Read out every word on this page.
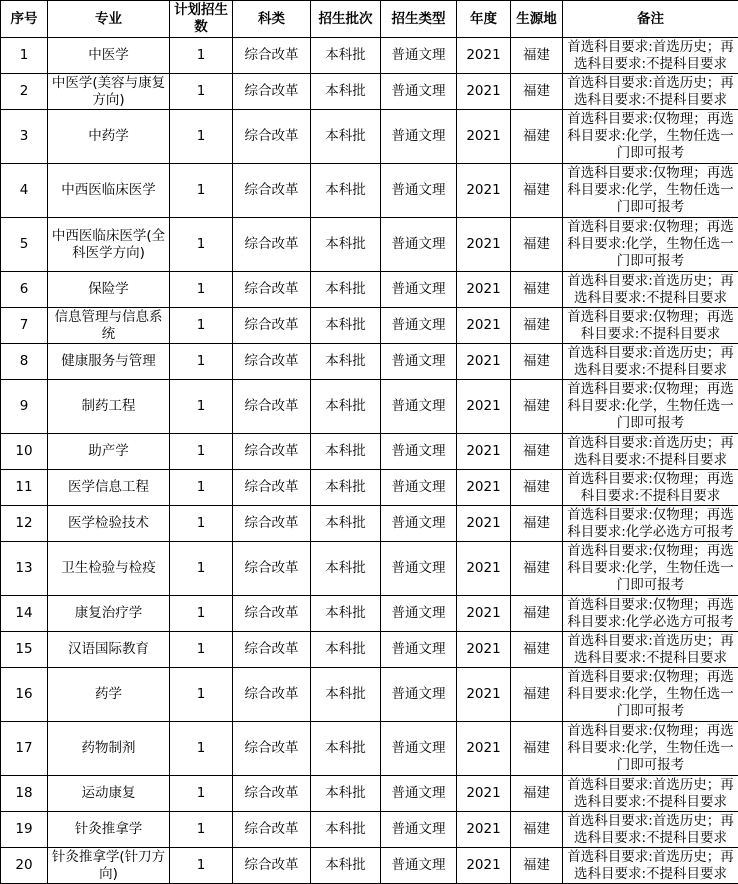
序号	专业	计划招生数	科类	招生批次	招生类型	年度	生源地	备注
1	中医学	1	综合改革	本科批	普通文理	2021	福建	首选科目要求:首选历史；再选科目要求:不提科目要求
2	中医学(美容与康复方向)	1	综合改革	本科批	普通文理	2021	福建	首选科目要求:首选历史；再选科目要求:不提科目要求
3	中药学	1	综合改革	本科批	普通文理	2021	福建	首选科目要求:仅物理；再选科目要求:化学，生物任选一门即可报考
4	中西医临床医学	1	综合改革	本科批	普通文理	2021	福建	首选科目要求:仅物理；再选科目要求:化学，生物任选一门即可报考
5	中西医临床医学(全科医学方向)	1	综合改革	本科批	普通文理	2021	福建	首选科目要求:仅物理；再选科目要求:化学，生物任选一门即可报考
6	保险学	1	综合改革	本科批	普通文理	2021	福建	首选科目要求:首选历史；再选科目要求:不提科目要求
7	信息管理与信息系统	1	综合改革	本科批	普通文理	2021	福建	首选科目要求:仅物理；再选科目要求:不提科目要求
8	健康服务与管理	1	综合改革	本科批	普通文理	2021	福建	首选科目要求:首选历史；再选科目要求:不提科目要求
9	制药工程	1	综合改革	本科批	普通文理	2021	福建	首选科目要求:仅物理；再选科目要求:化学，生物任选一门即可报考
10	助产学	1	综合改革	本科批	普通文理	2021	福建	首选科目要求:首选历史；再选科目要求:不提科目要求
11	医学信息工程	1	综合改革	本科批	普通文理	2021	福建	首选科目要求:仅物理；再选科目要求:不提科目要求
12	医学检验技术	1	综合改革	本科批	普通文理	2021	福建	首选科目要求:仅物理；再选科目要求:化学必选方可报考
13	卫生检验与检疫	1	综合改革	本科批	普通文理	2021	福建	首选科目要求:仅物理；再选科目要求:化学，生物任选一门即可报考
14	康复治疗学	1	综合改革	本科批	普通文理	2021	福建	首选科目要求:仅物理；再选科目要求:化学必选方可报考
15	汉语国际教育	1	综合改革	本科批	普通文理	2021	福建	首选科目要求:首选历史；再选科目要求:不提科目要求
16	药学	1	综合改革	本科批	普通文理	2021	福建	首选科目要求:仅物理；再选科目要求:化学，生物任选一门即可报考
17	药物制剂	1	综合改革	本科批	普通文理	2021	福建	首选科目要求:仅物理；再选科目要求:化学，生物任选一门即可报考
18	运动康复	1	综合改革	本科批	普通文理	2021	福建	首选科目要求:首选历史；再选科目要求:不提科目要求
19	针灸推拿学	1	综合改革	本科批	普通文理	2021	福建	首选科目要求:首选历史；再选科目要求:不提科目要求
20	针灸推拿学(针刀方向)	1	综合改革	本科批	普通文理	2021	福建	首选科目要求:首选历史；再选科目要求:不提科目要求
